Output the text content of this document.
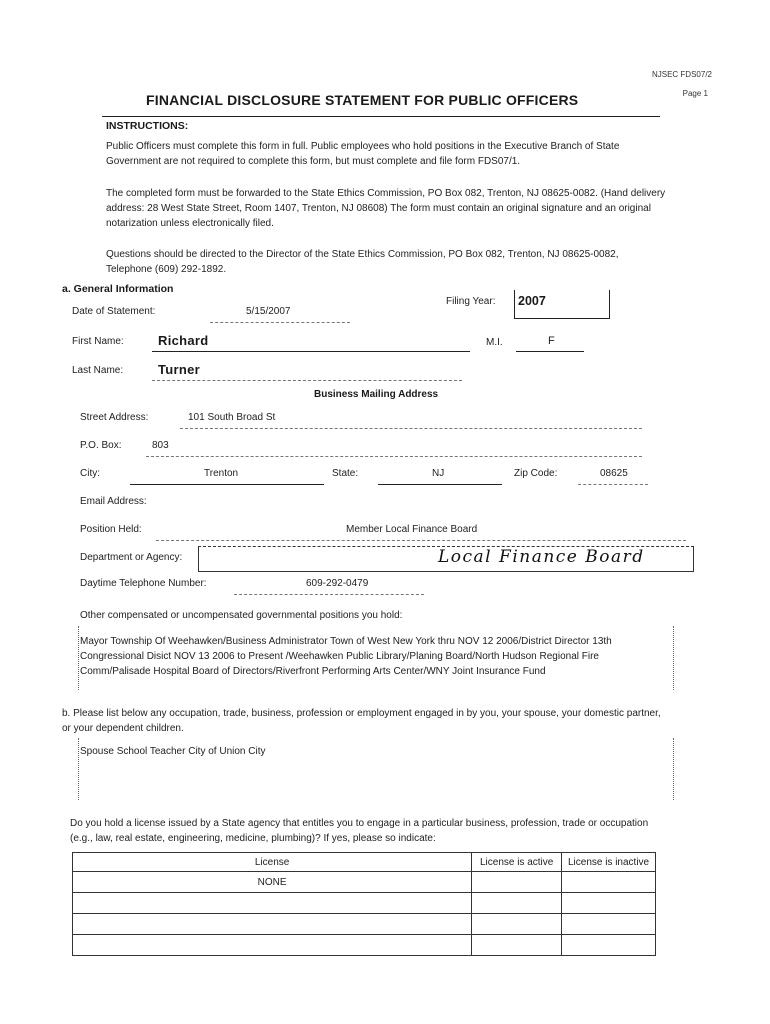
NJSEC FDS07/2
Page 1
FINANCIAL DISCLOSURE STATEMENT FOR PUBLIC OFFICERS
INSTRUCTIONS:
Public Officers must complete this form in full. Public employees who hold positions in the Executive Branch of State Government are not required to complete this form, but must complete and file form FDS07/1.
The completed form must be forwarded to the State Ethics Commission, PO Box 082, Trenton, NJ 08625-0082. (Hand delivery address: 28 West State Street, Room 1407, Trenton, NJ 08608) The form must contain an original signature and an original notarization unless electronically filed.
Questions should be directed to the Director of the State Ethics Commission, PO Box 082, Trenton, NJ 08625-0082, Telephone (609) 292-1892.
a. General Information
Date of Statement:	5/15/2007
Filing Year: 2007
First Name:	Richard	M.I.	F
Last Name:	Turner
Business Mailing Address
Street Address:	101 South Broad St
P.O. Box:	803
City:	Trenton	State:	NJ	Zip Code:	08625
Email Address:
Position Held:	Member Local Finance Board
Department or Agency:	Local Finance Board
Daytime Telephone Number:	609-292-0479
Other compensated or uncompensated governmental positions you hold:
Mayor Township Of Weehawken/Business Administrator Town of West New York thru NOV 12 2006/District Director 13th Congressional Disict NOV 13 2006 to Present /Weehawken Public Library/Planing Board/North Hudson Regional Fire Comm/Palisade Hospital Board of Directors/Riverfront Performing Arts Center/WNY Joint Insurance Fund
b. Please list below any occupation, trade, business, profession or employment engaged in by you, your spouse, your domestic partner, or your dependent children.
Spouse School Teacher City of Union City
Do you hold a license issued by a State agency that entitles you to engage in a particular business, profession, trade or occupation (e.g., law, real estate, engineering, medicine, plumbing)? If yes, please so indicate:
License	License is active	License is inactive
NONE		
